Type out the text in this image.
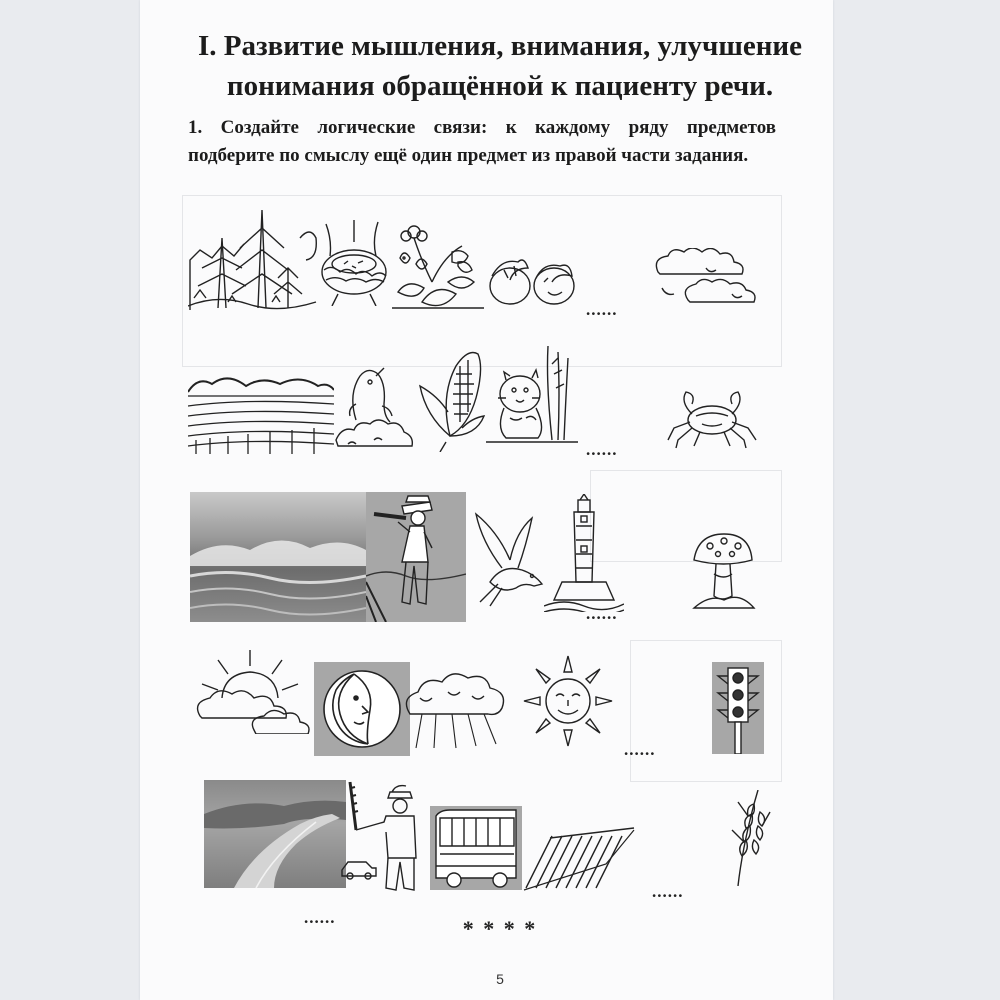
I. Развитие мышления, внимания, улучшение
понимания обращённой к пациенту речи.
1. Создайте логические связи: к каждому ряду предметов
подберите по смыслу ещё один предмет из правой части задания.
......
......
......
......
......
......	* * * *
5
